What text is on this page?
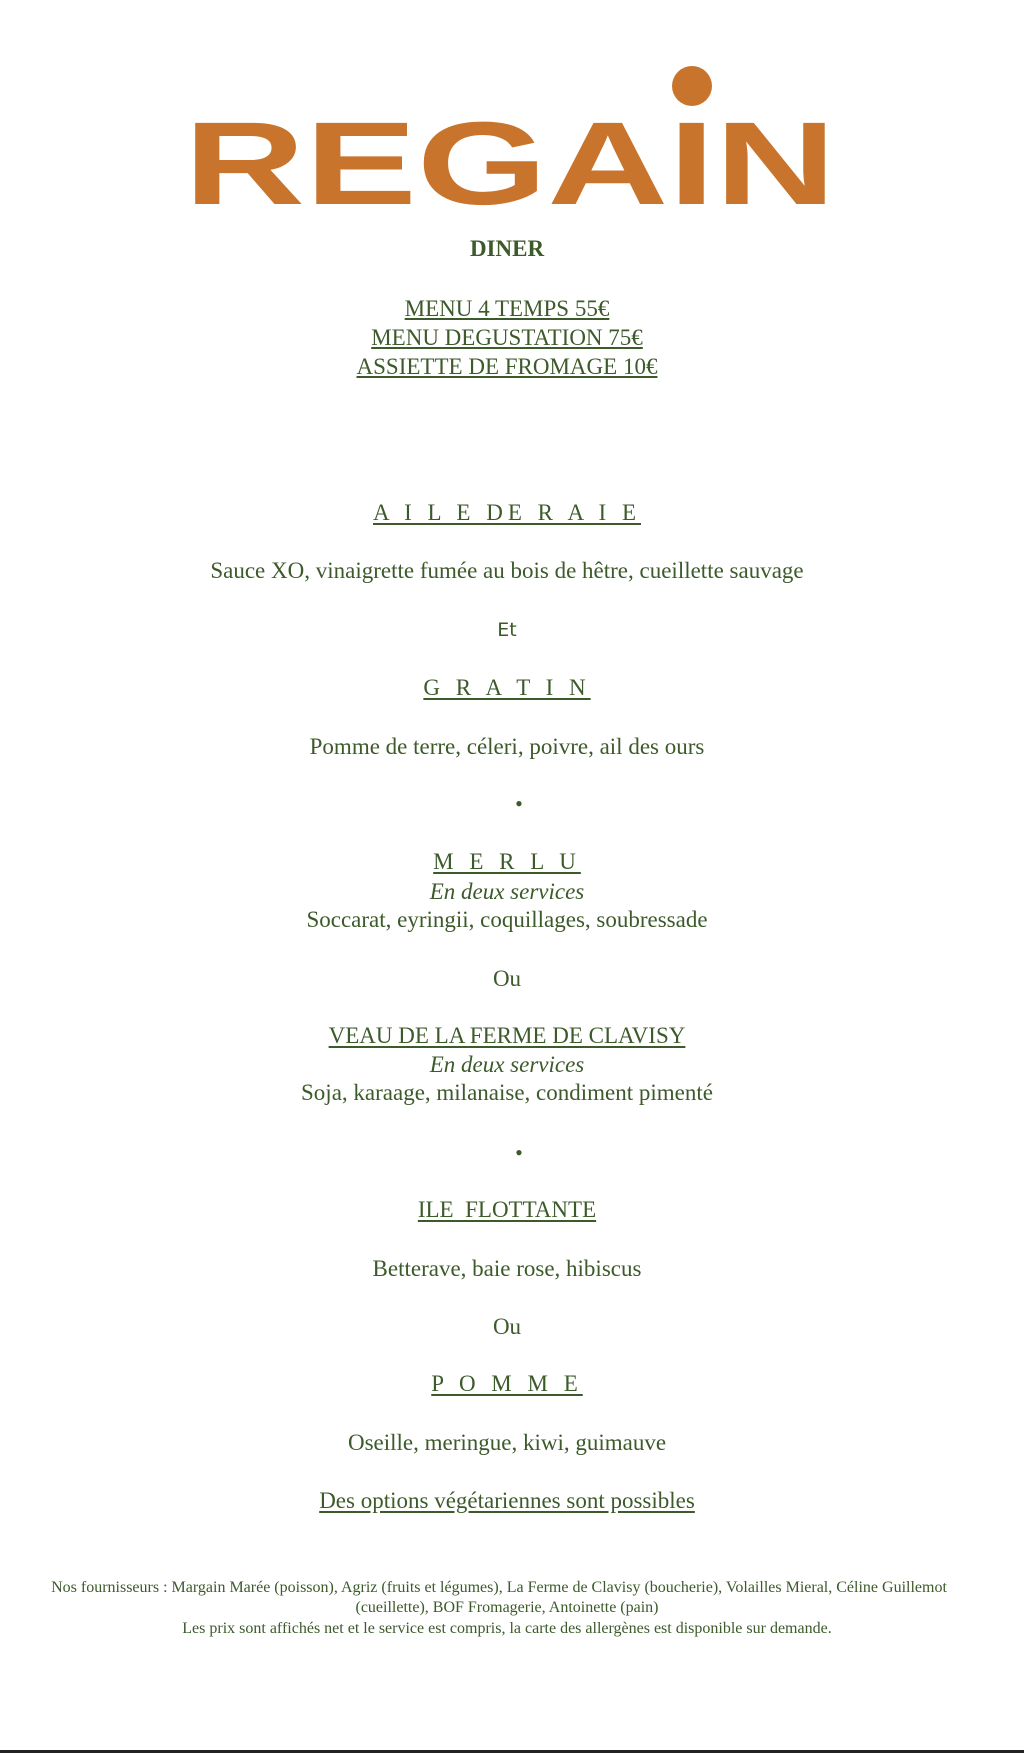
REGAIN
DINER
MENU 4 TEMPS 55€
MENU DEGUSTATION 75€
ASSIETTE DE FROMAGE 10€
A I L E DE R A I E
Sauce XO, vinaigrette fumée au bois de hêtre, cueillette sauvage
Et
G R A T I N
Pomme de terre, céleri, poivre, ail des ours
•
M E R L U
En deux services
Soccarat, eyringii, coquillages, soubressade
Ou
VEAU DE LA FERME DE CLAVISY
En deux services
Soja, karaage, milanaise, condiment pimenté
•
ILE  FLOTTANTE
Betterave, baie rose, hibiscus
Ou
P O M M E
Oseille, meringue, kiwi, guimauve
Des options végétariennes sont possibles
Nos fournisseurs : Margain Marée (poisson), Agriz (fruits et légumes), La Ferme de Clavisy (boucherie), Volailles Mieral, Céline Guillemot
(cueillette), BOF Fromagerie, Antoinette (pain)
Les prix sont affichés net et le service est compris, la carte des allergènes est disponible sur demande.
